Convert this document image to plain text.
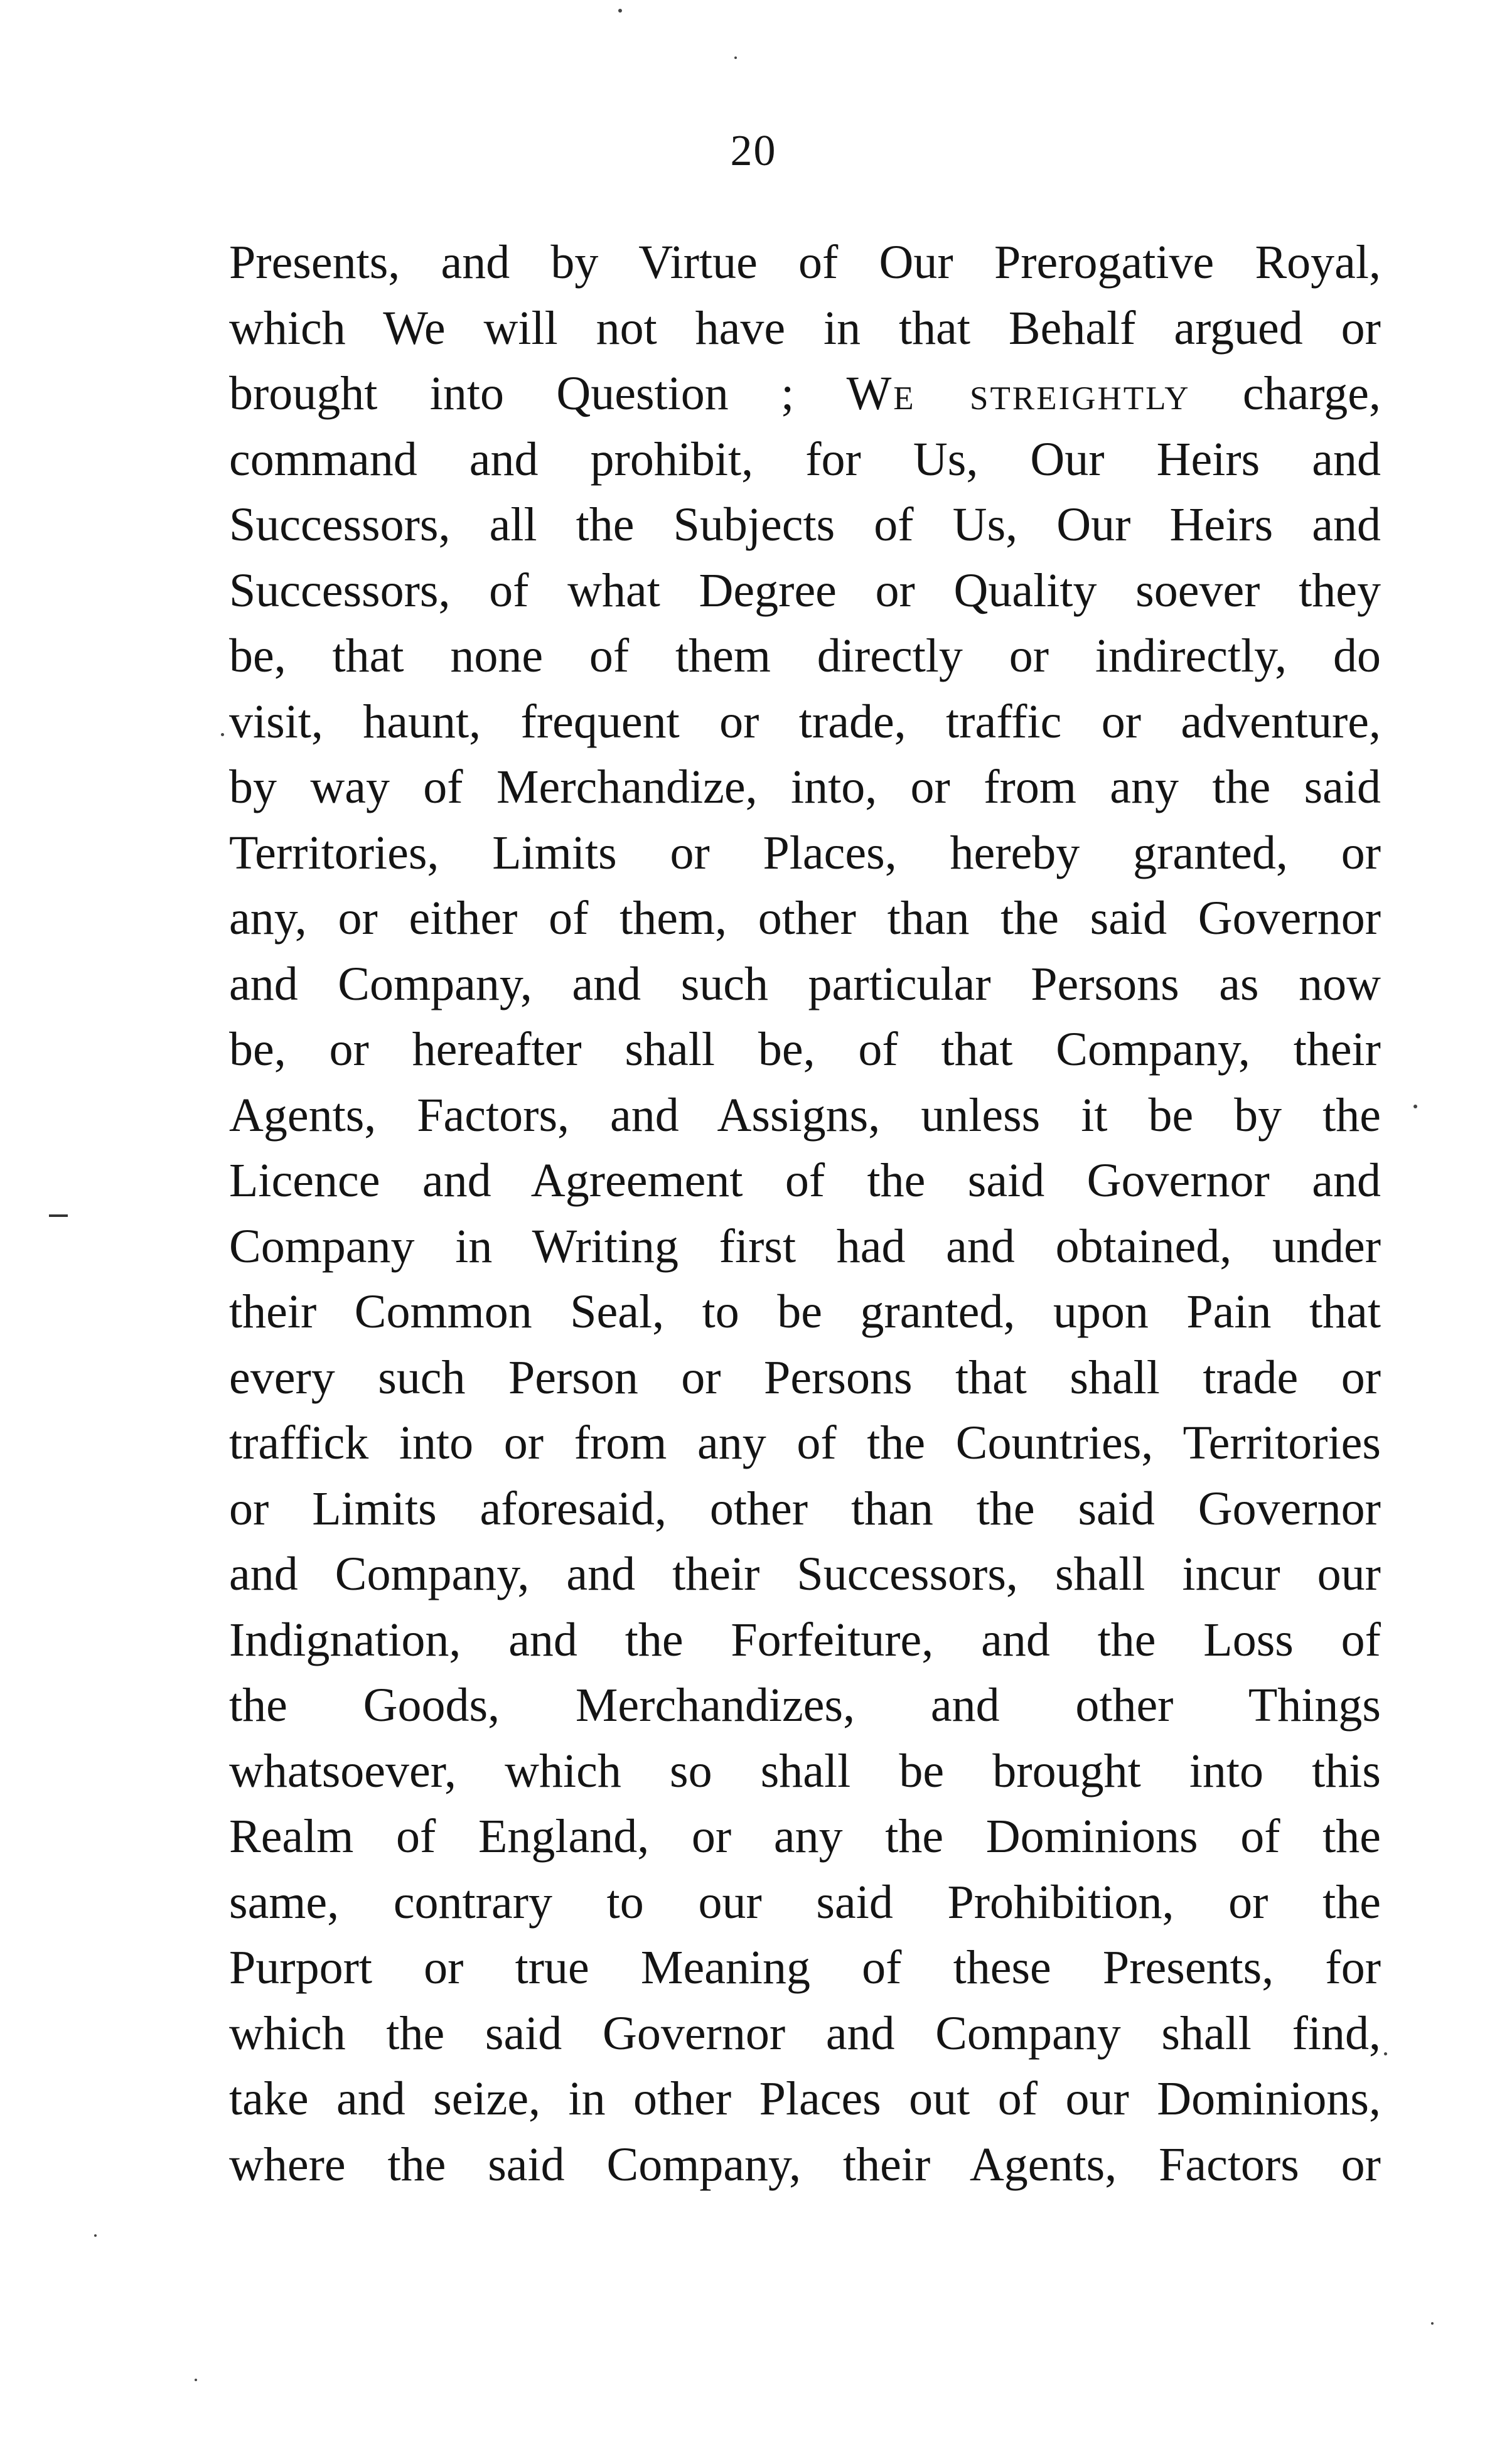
20
Presents, and by Virtue of Our Prerogative Royal,
which We will not have in that Behalf argued or
brought into Question ; We streightly charge,
command and prohibit, for Us, Our Heirs and
Successors, all the Subjects of Us, Our Heirs and
Successors, of what Degree or Quality soever they
be, that none of them directly or indirectly, do
visit, haunt, frequent or trade, traffic or adventure,
by way of Merchandize, into, or from any the said
Territories, Limits or Places, hereby granted, or
any, or either of them, other than the said Governor
and Company, and such particular Persons as now
be, or hereafter shall be, of that Company, their
Agents, Factors, and Assigns, unless it be by the
Licence and Agreement of the said Governor and
Company in Writing first had and obtained, under
their Common Seal, to be granted, upon Pain that
every such Person or Persons that shall trade or
traffick into or from any of the Countries, Territories
or Limits aforesaid, other than the said Governor
and Company, and their Successors, shall incur our
Indignation, and the Forfeiture, and the Loss of
the Goods, Merchandizes, and other Things
whatsoever, which so shall be brought into this
Realm of England, or any the Dominions of the
same, contrary to our said Prohibition, or the
Purport or true Meaning of these Presents, for
which the said Governor and Company shall find,
take and seize, in other Places out of our Dominions,
where the said Company, their Agents, Factors or
